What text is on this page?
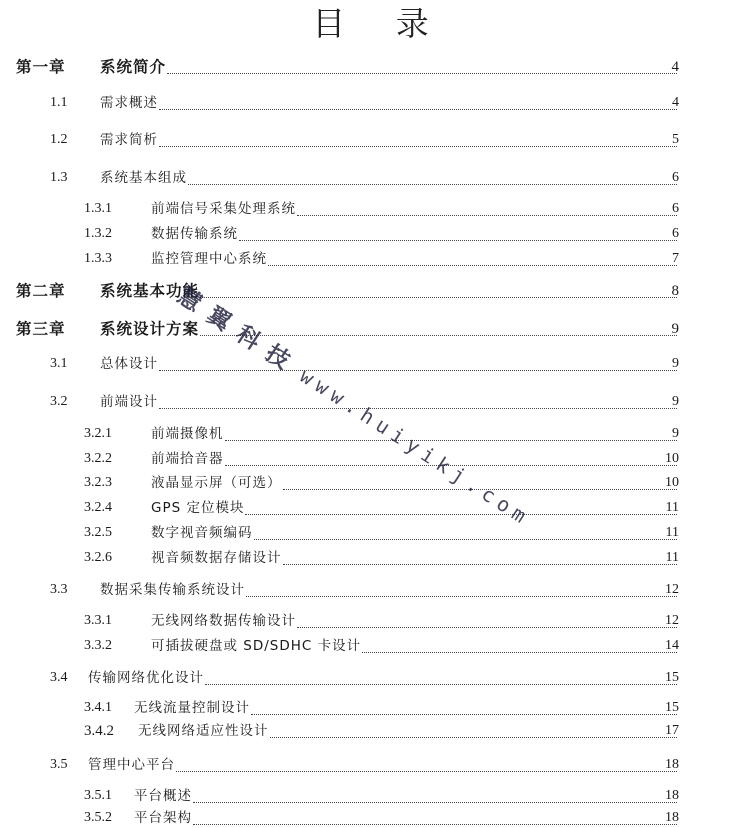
目 录
第一章 系统简介	4
1.1 需求概述	4
1.2 需求简析	5
1.3 系统基本组成	6
1.3.1	前端信号采集处理系统	6
1.3.2	数据传输系统	6
1.3.3	监控管理中心系统	7
第二章 系统基本功能	8
第三章 系统设计方案	9
3.1 总体设计	9
3.2 前端设计	9
3.2.1	前端摄像机	9
3.2.2	前端拾音器	10
3.2.3	液晶显示屏（可选）	10
3.2.4	GPS 定位模块	11
3.2.5	数字视音频编码	11
3.2.6	视音频数据存储设计	11
3.3 数据采集传输系统设计	12
3.3.1	无线网络数据传输设计	12
3.3.2	可插拔硬盘或 SD/SDHC 卡设计	14
3.4 传输网络优化设计	15
3.4.1 无线流量控制设计	15
3.4.2 无线网络适应性设计	17
3.5 管理中心平台	18
3.5.1 平台概述	18
3.5.2 平台架构	18
慧翼科技www.huiyikj.com
